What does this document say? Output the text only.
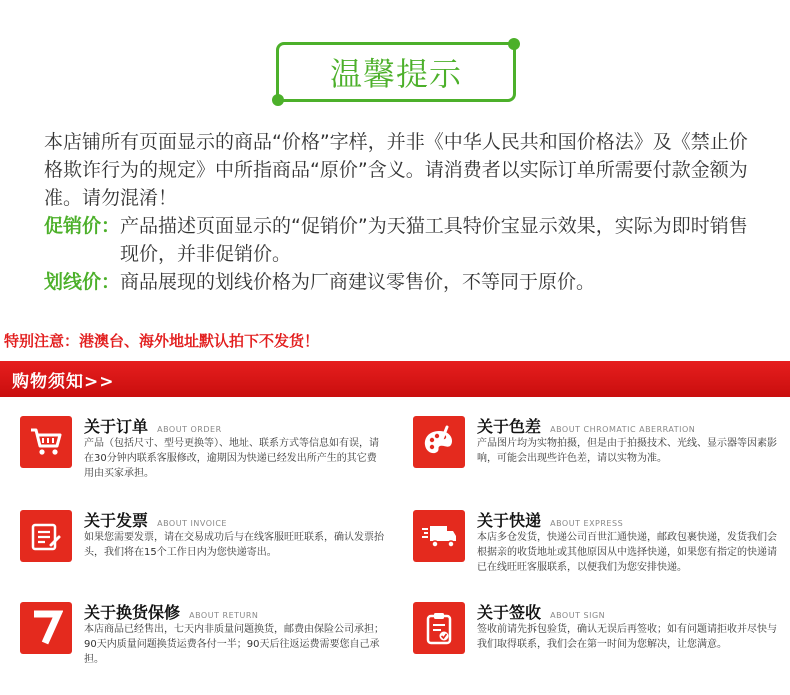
温馨提示
本店铺所有页面显示的商品“价格”字样，并非《中华人民共和国价格法》及《禁止价格欺诈行为的规定》中所指商品“原价”含义。请消费者以实际订单所需要付款金额为准。请勿混淆！
促销价： 产品描述页面显示的“促销价”为天猫工具特价宝显示效果，实际为即时销售现价，并非促销价。
划线价： 商品展现的划线价格为厂商建议零售价，不等同于原价。
特别注意：港澳台、海外地址默认拍下不发货！
购物须知>>
关于订单 ABOUT ORDER
产品（包括尺寸、型号更换等）、地址、联系方式等信息如有误，请在30分钟内联系客服修改，逾期因为快递已经发出所产生的其它费用由买家承担。
关于色差 ABOUT CHROMATIC ABERRATION
产品图片均为实物拍摄，但是由于拍摄技术、光线、显示器等因素影响，可能会出现些许色差，请以实物为准。
关于发票 ABOUT INVOICE
如果您需要发票，请在交易成功后与在线客服旺旺联系，确认发票抬头，我们将在15个工作日内为您快递寄出。
关于快递 ABOUT EXPRESS
本店多仓发货，快递公司百世汇通快递，邮政包裹快递，发货我们会根据亲的收货地址或其他原因从中选择快递，如果您有指定的快递请已在线旺旺客服联系，以便我们为您安排快递。
关于换货保修 ABOUT RETURN
本店商品已经售出，七天内非质量问题换货，邮费由保险公司承担；90天内质量问题换货运费各付一半；90天后往返运费需要您自己承担。
关于签收 ABOUT SIGN
签收前请先拆包验货，确认无误后再签收；如有问题请拒收并尽快与我们取得联系，我们会在第一时间为您解决，让您满意。
